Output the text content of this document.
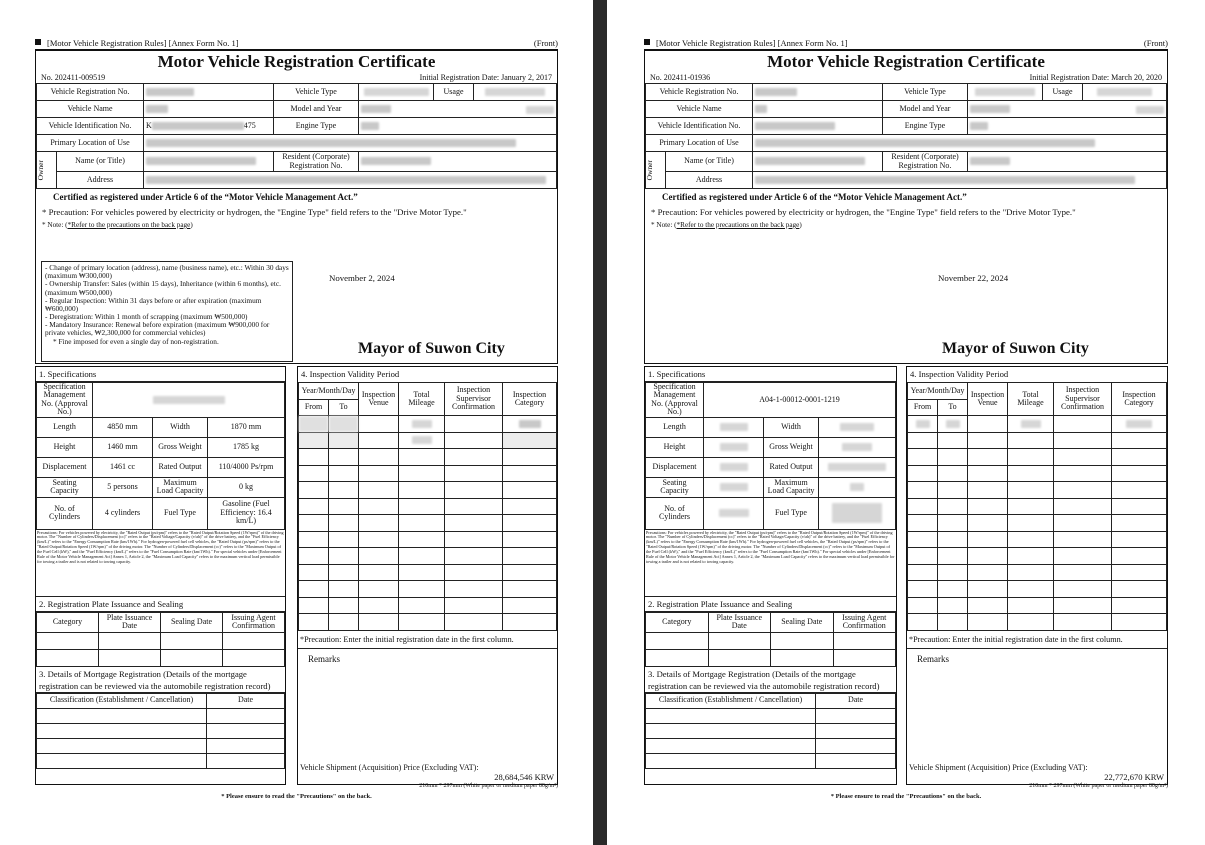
[Motor Vehicle Registration Rules] [Annex Form No. 1]	(Front)
Motor Vehicle Registration Certificate
No. 202411-009519	Initial Registration Date: January 2, 2017
Vehicle Registration No.			Vehicle Type		Usage	
Vehicle Name			Model and Year			

Vehicle Identification No.		K 475	Engine Type			
Primary Location of Use						

Owner	Name (or Title)		Resident (Corporate) Registration No.			
	Address					
Certified as registered under Article 6 of the “Motor Vehicle Management Act.”
* Precaution: For vehicles powered by electricity or hydrogen, the "Engine Type" field refers to the "Drive Motor Type."
* Note: (*Refer to the precautions on the back page)
- Change of primary location (address), name (business name), etc.: Within 30 days (maximum ₩300,000)
- Ownership Transfer: Sales (within 15 days), Inheritance (within 6 months), etc. (maximum ₩500,000)
- Regular Inspection: Within 31 days before or after expiration (maximum ₩600,000)
- Deregistration: Within 1 month of scrapping (maximum ₩500,000)
- Mandatory Insurance: Renewal before expiration (maximum ₩900,000 for private vehicles, ₩2,300,000 for commercial vehicles)
* Fine imposed for even a single day of non-registration.
November 2, 2024
Mayor of Suwon City
1. Specifications
Specification Management No. (Approval No.)			
Length	4850 mm	Width	1870 mm
Height	1460 mm	Gross Weight	1785 kg
Displacement	1461 cc	Rated Output	110/4000 Ps/rpm
Seating Capacity	5 persons	Maximum Load Capacity	0 kg
No. of Cylinders	4 cylinders	Fuel Type	Gasoline (Fuel Efficiency: 16.4 km/L)
Precautions: For vehicles powered by electricity, the "Rated Output (ps/rpm)" refers to the "Rated Output/Rotation Speed (1W/rpm)" of the driving motor. The "Number of Cylinders/Displacement (cc)" refers to the "Rated Voltage/Capacity (v/ah)" of the drive battery, and the "Fuel Efficiency (km/L)" refers to the "Energy Consumption Rate (km/1Wh)." For hydrogen-powered fuel cell vehicles, the "Rated Output (ps/rpm)" refers to the "Rated Output/Rotation Speed (1W/rpm)" of the driving motor. The "Number of Cylinders/Displacement (cc)" refers to the "Maximum Output of the Fuel Cell (kW)," and the "Fuel Efficiency (km/L)" refers to the "Fuel Consumption Rate (km/1Wh)." For special vehicles under [Enforcement Rule of the Motor Vehicle Management Act] Annex 1, Article 2, the "Maximum Load Capacity" refers to the maximum vertical load permissible for towing a trailer and is not related to towing capacity.
2. Registration Plate Issuance and Sealing
Category	Plate Issuance Date	Sealing Date	Issuing Agent Confirmation

3. Details of Mortgage Registration (Details of the mortgage registration can be reviewed via the automobile registration record)
Classification (Establishment / Cancellation)	Date

4. Inspection Validity Period
Year/Month/Day		Inspection Venue	Total Mileage	Inspection Supervisor Confirmation	Inspection Category
From	To				

*Precaution: Enter the initial registration date in the first column.
Remarks
Vehicle Shipment (Acquisition) Price (Excluding VAT):
28,684,546 KRW
210mm * 297mm (White paper or medium paper 80g/m²)
* Please ensure to read the "Precautions" on the back.
[Motor Vehicle Registration Rules] [Annex Form No. 1]	(Front)
Motor Vehicle Registration Certificate
No. 202411-01936	Initial Registration Date: March 20, 2020
Vehicle Registration No.			Vehicle Type		Usage	
Vehicle Name			Model and Year			

Vehicle Identification No.			Engine Type			
Primary Location of Use						

Owner	Name (or Title)		Resident (Corporate) Registration No.			
	Address					
Certified as registered under Article 6 of the “Motor Vehicle Management Act.”
* Precaution: For vehicles powered by electricity or hydrogen, the "Engine Type" field refers to the "Drive Motor Type."
* Note: (*Refer to the precautions on the back page)
November 22, 2024
Mayor of Suwon City
1. Specifications
Specification Management No. (Approval No.)	A04-1-00012-0001-1219		
Length		Width	
Height		Gross Weight	
Displacement		Rated Output	
Seating Capacity		Maximum Load Capacity	
No. of Cylinders		Fuel Type	
Precautions: For vehicles powered by electricity, the "Rated Output (ps/rpm)" refers to the "Rated Output/Rotation Speed (1W/rpm)" of the driving motor. The "Number of Cylinders/Displacement (cc)" refers to the "Rated Voltage/Capacity (v/ah)" of the drive battery, and the "Fuel Efficiency (km/L)" refers to the "Energy Consumption Rate (km/1Wh)." For hydrogen-powered fuel cell vehicles, the "Rated Output (ps/rpm)" refers to the "Rated Output/Rotation Speed (1W/rpm)" of the driving motor. The "Number of Cylinders/Displacement (cc)" refers to the "Maximum Output of the Fuel Cell (kW)," and the "Fuel Efficiency (km/L)" refers to the "Fuel Consumption Rate (km/1Wh)." For special vehicles under [Enforcement Rule of the Motor Vehicle Management Act] Annex 1, Article 2, the "Maximum Load Capacity" refers to the maximum vertical load permissible for towing a trailer and is not related to towing capacity.
2. Registration Plate Issuance and Sealing
Category	Plate Issuance Date	Sealing Date	Issuing Agent Confirmation

3. Details of Mortgage Registration (Details of the mortgage registration can be reviewed via the automobile registration record)
Classification (Establishment / Cancellation)	Date

4. Inspection Validity Period
Year/Month/Day		Inspection Venue	Total Mileage	Inspection Supervisor Confirmation	Inspection Category
From	To				

*Precaution: Enter the initial registration date in the first column.
Remarks
Vehicle Shipment (Acquisition) Price (Excluding VAT):
22,772,670 KRW
210mm * 297mm (White paper or medium paper 80g/m²)
* Please ensure to read the "Precautions" on the back.
